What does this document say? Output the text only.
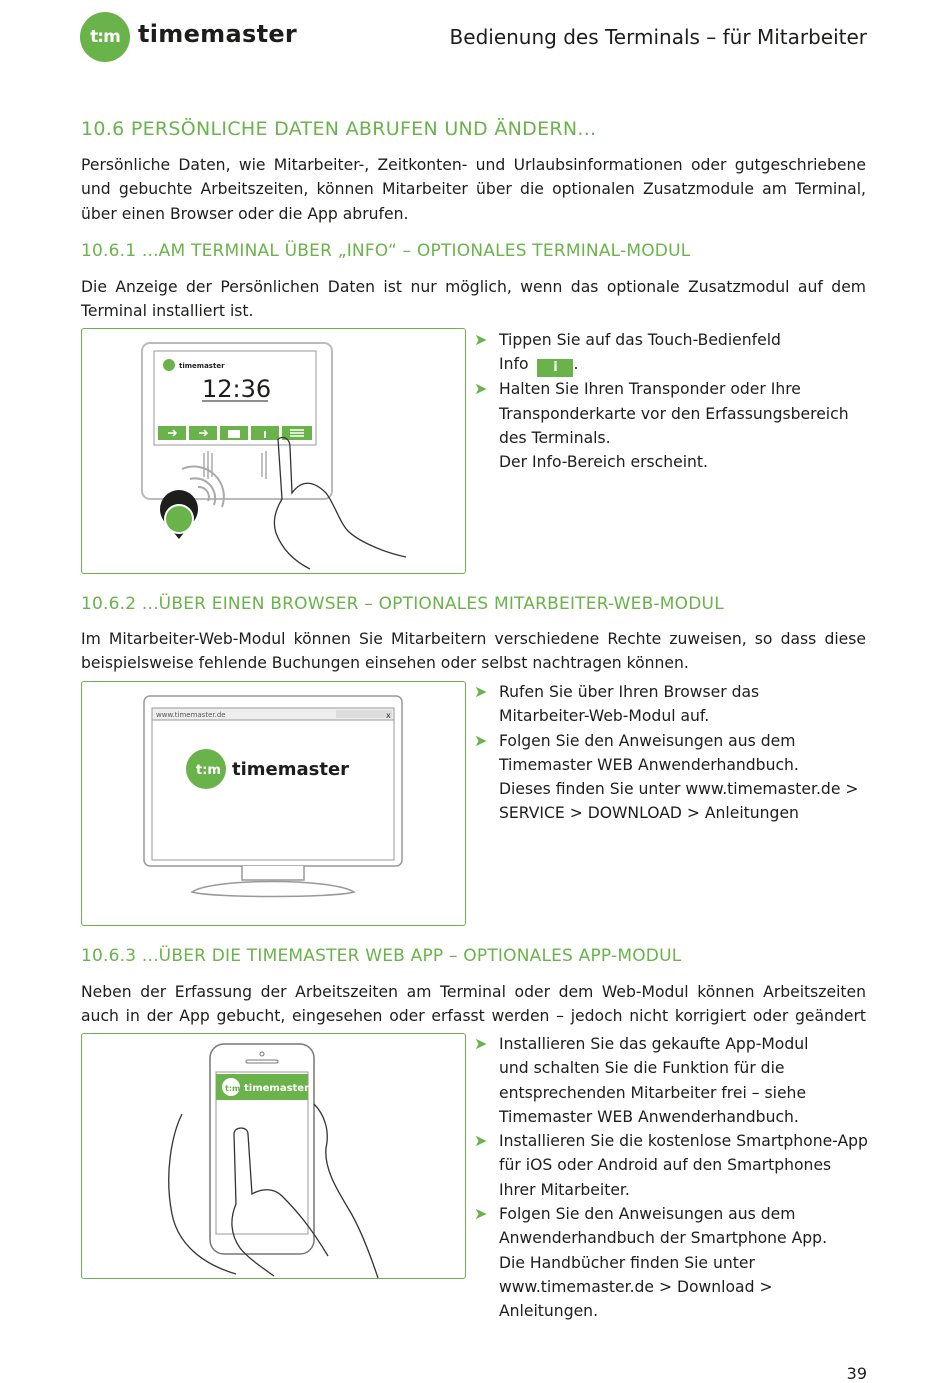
t:m timemaster	Bedienung des Terminals – für Mitarbeiter
10.6 PERSÖNLICHE DATEN ABRUFEN UND ÄNDERN...
Persönliche Daten, wie Mitarbeiter-, Zeitkonten- und Urlaubsinformationen oder gutgeschriebene und gebuchte Arbeitszeiten, können Mitarbeiter über die optionalen Zusatzmodule am Terminal, über einen Browser oder die App abrufen.
10.6.1 ...AM TERMINAL ÜBER „INFO“ – OPTIONALES TERMINAL-MODUL
Die Anzeige der Persönlichen Daten ist nur möglich, wenn das optionale Zusatzmodul auf dem Terminal installiert ist.
timemaster
12:36
➤ Tippen Sie auf das Touch-Bedienfeld
Info i .
➤ Halten Sie Ihren Transponder oder Ihre
Transponderkarte vor den Erfassungsbereich
des Terminals.
Der Info-Bereich erscheint.
10.6.2 ...ÜBER EINEN BROWSER – OPTIONALES MITARBEITER-WEB-MODUL
Im Mitarbeiter-Web-Modul können Sie Mitarbeitern verschiedene Rechte zuweisen, so dass diese beispielsweise fehlende Buchungen einsehen oder selbst nachtragen können.
www.timemaster.de	x
t:m timemaster
➤ Rufen Sie über Ihren Browser das
Mitarbeiter-Web-Modul auf.
➤ Folgen Sie den Anweisungen aus dem
Timemaster WEB Anwenderhandbuch.
Dieses finden Sie unter www.timemaster.de >
SERVICE > DOWNLOAD > Anleitungen
10.6.3 ...ÜBER DIE TIMEMASTER WEB APP – OPTIONALES APP-MODUL
Neben der Erfassung der Arbeitszeiten am Terminal oder dem Web-Modul können Arbeitszeiten auch in der App gebucht, eingesehen oder erfasst werden – jedoch nicht korrigiert oder geändert
t:m timemaster
➤ Installieren Sie das gekaufte App-Modul
und schalten Sie die Funktion für die
entsprechenden Mitarbeiter frei – siehe
Timemaster WEB Anwenderhandbuch.
➤ Installieren Sie die kostenlose Smartphone-App
für iOS oder Android auf den Smartphones
Ihrer Mitarbeiter.
➤ Folgen Sie den Anweisungen aus dem
Anwenderhandbuch der Smartphone App.
Die Handbücher finden Sie unter
www.timemaster.de > Download >
Anleitungen.
39
